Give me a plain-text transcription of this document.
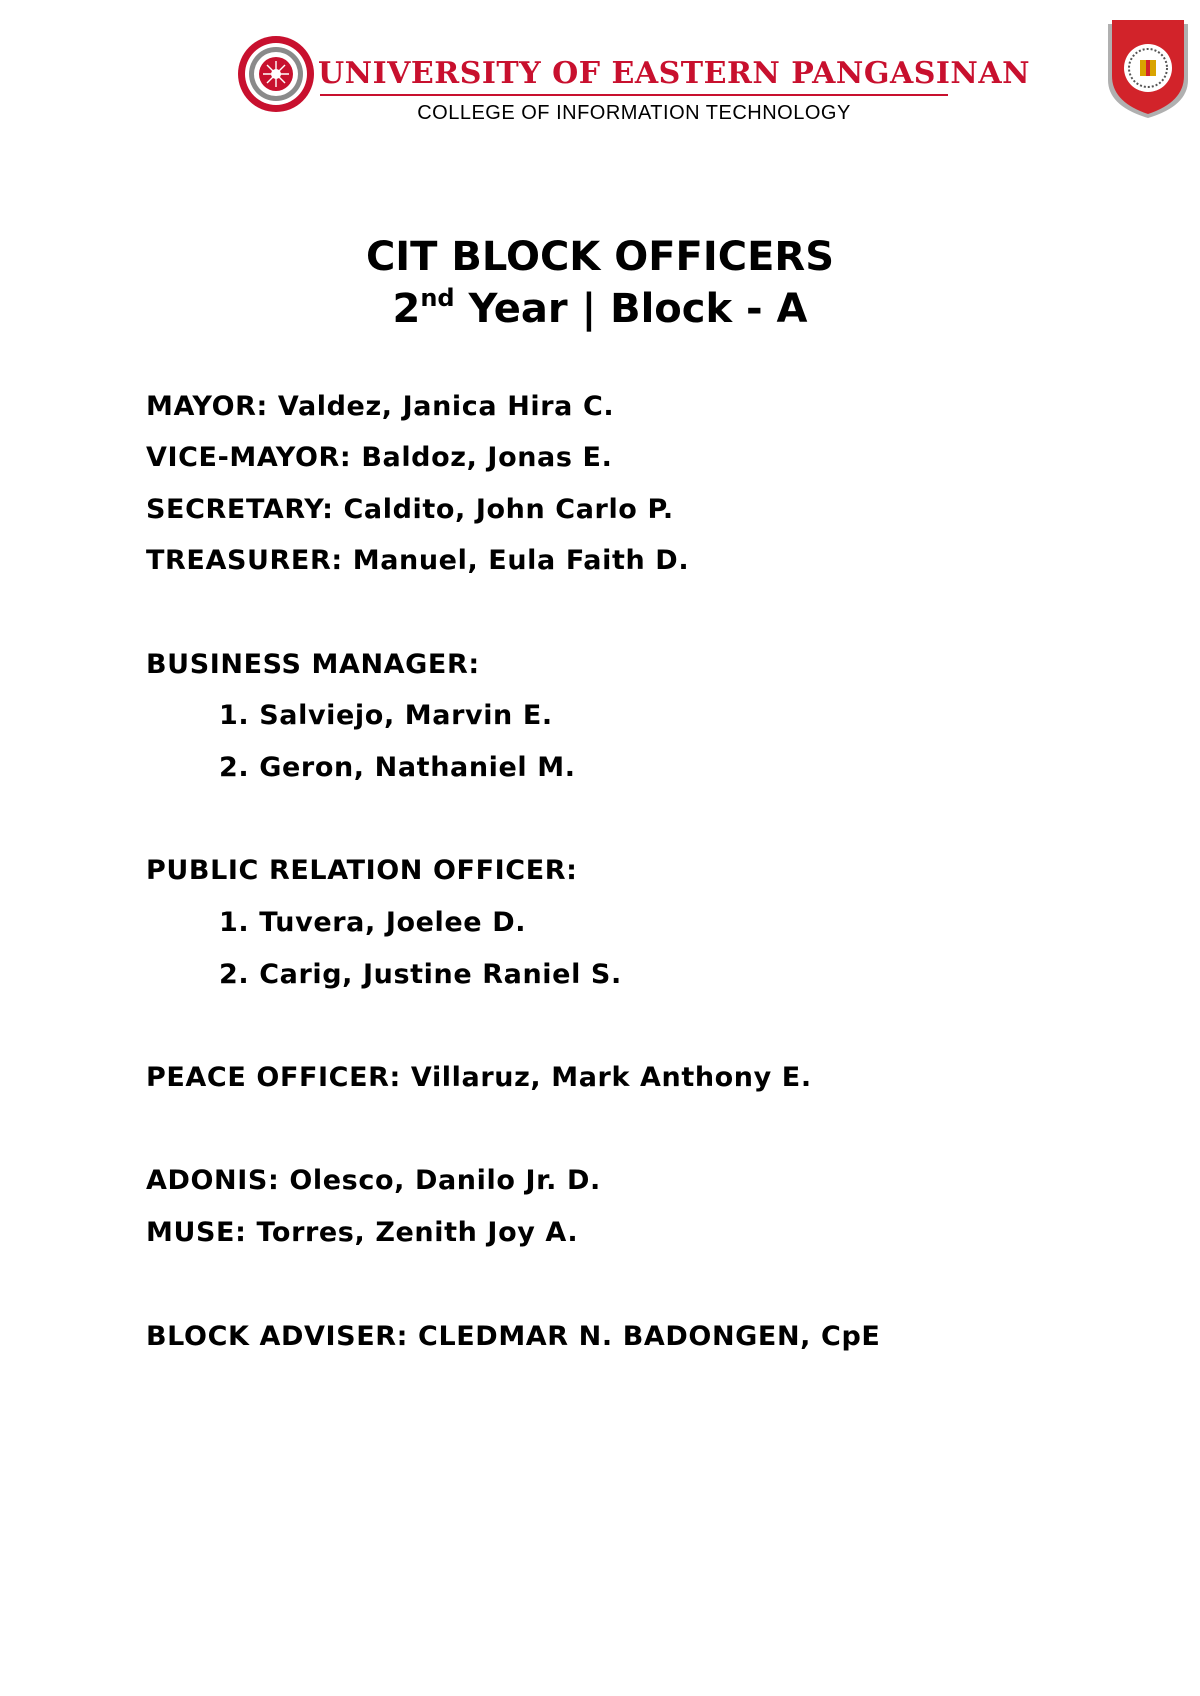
UNIVERSITY OF EASTERN PANGASINAN
COLLEGE OF INFORMATION TECHNOLOGY
CIT BLOCK OFFICERS
2nd Year | Block - A
MAYOR: Valdez, Janica Hira C.
VICE-MAYOR: Baldoz, Jonas E.
SECRETARY: Caldito, John Carlo P.
TREASURER: Manuel, Eula Faith D.
BUSINESS MANAGER:
1. Salviejo, Marvin E.
2. Geron, Nathaniel M.
PUBLIC RELATION OFFICER:
1. Tuvera, Joelee D.
2. Carig, Justine Raniel S.
PEACE OFFICER: Villaruz, Mark Anthony E.
ADONIS: Olesco, Danilo Jr. D.
MUSE: Torres, Zenith Joy A.
BLOCK ADVISER: CLEDMAR N. BADONGEN, CpE
